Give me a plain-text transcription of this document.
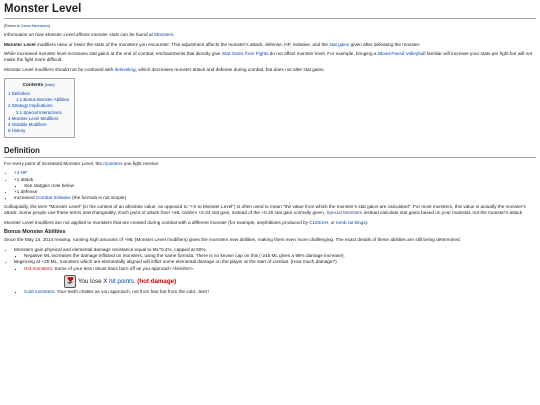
Monster Level

[Return to Game Mechanics]

Information on how Monster Level affects monster stats can be found at Monsters.

Monster Level modifiers raise or lower the stats of the monsters you encounter. This adjustment affects the monster's attack, defense, HP, initiative, and the stat gains given after defeating the monster.

While increased monster level increases stat gains at the end of combat, enchantments that directly give Stat Gains from Fights do not affect monster level. For example, bringing a Blood-Faced Volleyball familiar will increase your stats per fight but will not make the fight more difficult.

Monster Level modifiers should not be confused with deleveling, which decreases monster attack and defense during combat, but does not alter stat gains.

Contents [hide]
1 Definition
1.1 Bonus Monster Abilities
2 Strategy Implications
2.1 Special Interactions
3 Monster Level Modifiers
4 Variable Modifiers
5 History
Definition

For every point of increased Monster Level, the monsters you fight receive:

• +1 HP
• +1 attack
▪ See statgain note below
• +1 defense
• Increased Combat Initiative (the formula is not simple)

Colloquially, the term "Monster Level" (in the context of an absolute value, as opposed to "+X to Monster Level") is often used to mean "the value from which the monster's stat gains are calculated". For most monsters, this value is actually the monster's attack. Some people use these terms interchangeably. Each point of attack from +ML confers +0.33 stat gain, instead of the +0.25 stat gain normally given. Special Monsters instead calculate stat gains based on your mainstat, not the monster's attack.

Monster Level modifiers are not applied to monsters that are created during combat with a different monster (for example, amphibians produced by CLEESH, or tomb rat kings).

Bonus Monster Abilities

Since the May 14, 2014 revamp, running high amounts of +ML (Monster Level modifiers) gives the monsters new abilities, making them even more challenging. The exact details of these abilities are still being determined.

• Monsters gain physical and elemental damage resistance equal to ML*0.4%, capped at 50%.
▪ Negative ML increases the damage inflicted on monsters, using the same formula. There is no known cap on this (-245 ML gives a 98% damage increase).
• Beginning at +25 ML, monsters which are elementally aligned will inflict some elemental damage on the player at the start of combat. (How much damage?)
▪ Hot monsters: Some of your less robust hairs burn off as you approach <himiher>.
HP You lose X hit points. (hot damage)
▪ Cold monsters: Your teeth chatter as you approach, not from fear but from the cold. Jeez!
